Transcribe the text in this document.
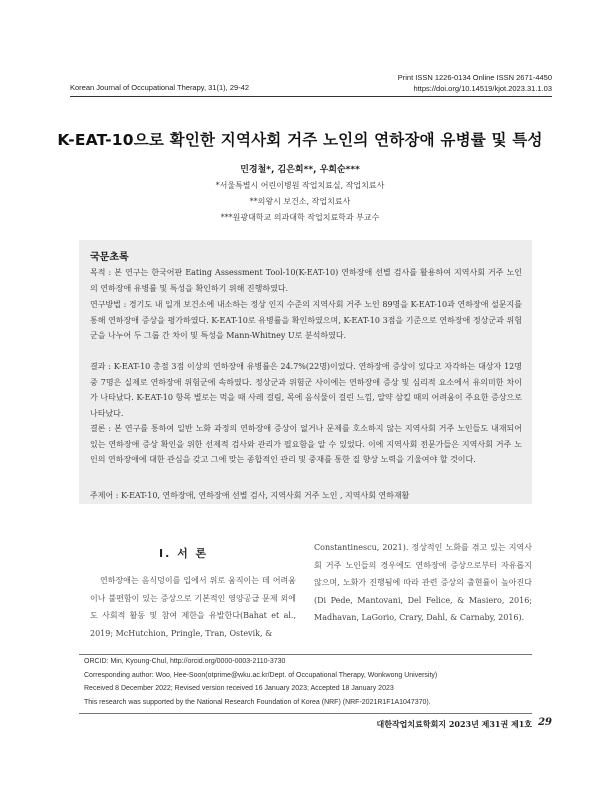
Print ISSN 1226-0134 Online ISSN 2671-4450
https://doi.org/10.14519/kjot.2023.31.1.03
Korean Journal of Occupational Therapy, 31(1), 29-42
K-EAT-10으로 확인한 지역사회 거주 노인의 연하장애 유병률 및 특성
민경철*, 김은희**, 우희순***
*서울특별시 어린이병원 작업치료실, 작업치료사
**의왕시 보건소, 작업치료사
***원광대학교 의과대학 작업치료학과 부교수
국문초록

목적 : 본 연구는 한국어판 Eating Assessment Tool-10(K-EAT-10) 연하장애 선별 검사를 활용하여 지역사회 거주 노인의 연하장애 유병률 및 특성을 확인하기 위해 진행하였다.

연구방법 : 경기도 내 일개 보건소에 내소하는 정상 인지 수준의 지역사회 거주 노인 89명을 K-EAT-10과 연하장애 설문지를 통해 연하장애 증상을 평가하였다. K-EAT-10로 유병률을 확인하였으며, K-EAT-10 3점을 기준으로 연하장애 정상군과 위험군을 나누어 두 그룹 간 차이 및 특성을 Mann-Whitney U로 분석하였다.

결과 : K-EAT-10 총점 3점 이상의 연하장애 유병률은 24.7%(22명)이었다. 연하장애 증상이 있다고 자각하는 대상자 12명 중 7명은 실제로 연하장애 위험군에 속하였다. 정상군과 위험군 사이에는 연하장애 증상 및 심리적 요소에서 유의미한 차이가 나타났다. K-EAT-10 항목 별로는 먹을 때 사레 걸림, 목에 음식물이 걸린 느낌, 알약 삼킬 때의 어려움이 주요한 증상으로 나타났다.

결론 : 본 연구를 통하여 일반 노화 과정의 연하장애 증상이 없거나 문제를 호소하지 않는 지역사회 거주 노인들도 내재되어 있는 연하장애 증상 확인을 위한 선제적 검사와 관리가 필요함을 알 수 있었다. 이에 지역사회 전문가들은 지역사회 거주 노인의 연하장애에 대한 관심을 갖고 그에 맞는 종합적인 관리 및 중재를 통한 질 향상 노력을 기울여야 할 것이다.

주제어 : K-EAT-10, 연하장애, 연하장애 선별 검사, 지역사회 거주 노인 , 지역사회 연하재활

Ⅰ. 서 론

연하장애는 음식덩이를 입에서 위로 움직이는 데 어려움이나 불편함이 있는 증상으로 기본적인 영양공급 문제 외에도 사회적 활동 및 참여 제한을 유발한다(Bahat et al., 2019; McHutchion, Pringle, Tran, Ostevik, &

Constantinescu, 2021). 정상적인 노화를 겪고 있는 지역사회 거주 노인들의 경우에도 연하장애 증상으로부터 자유롭지 않으며, 노화가 진행됨에 따라 관련 증상의 출현률이 높아진다(Di Pede, Mantovani, Del Felice, & Masiero, 2016; Madhavan, LaGorio, Crary, Dahl, & Carnaby, 2016).

ORCID: Min, Kyoung-Chul, http://orcid.org/0000-0003-2110-3730
Corresponding author: Woo, Hee-Soon(otprime@wku.ac.kr/Dept. of Occupational Therapy, Wonkwong University)
Received 8 December 2022; Revised version received 16 January 2023; Accepted 18 January 2023
This research was supported by the National Research Foundation of Korea (NRF) (NRF-2021R1F1A1047370).
대한작업치료학회지 2023년 제31권 제1호 29
